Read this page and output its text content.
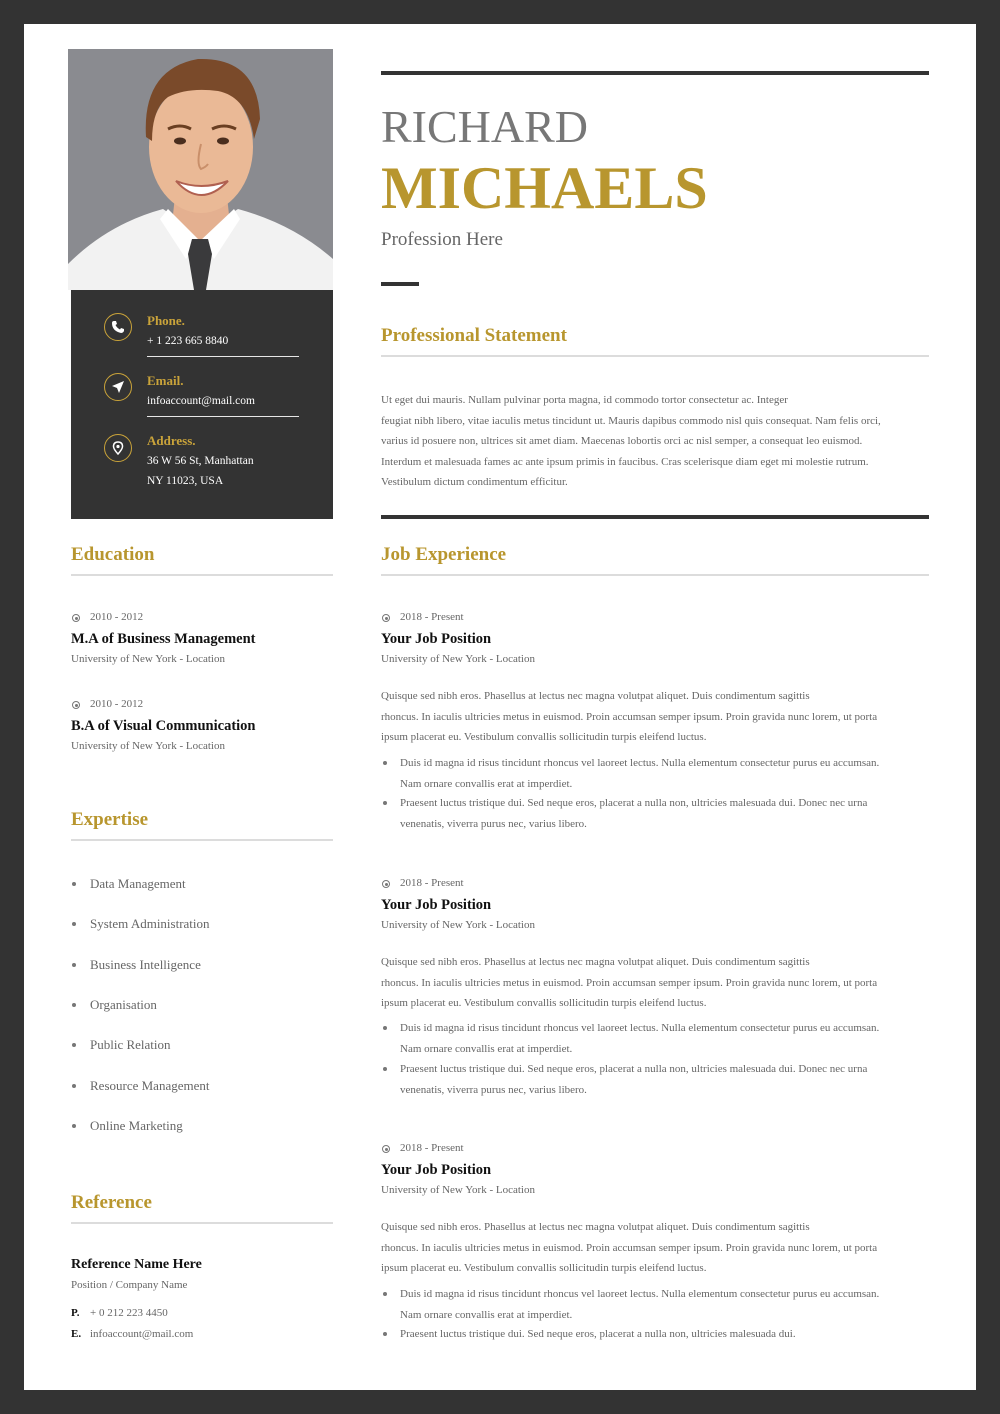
Phone.
+ 1 223 665 8840
Email.
infoaccount@mail.com
Address.
36 W 56 St, Manhattan
NY 11023, USA
RICHARD
MICHAELS
Profession Here
Professional Statement
Ut eget dui mauris. Nullam pulvinar porta magna, id commodo tortor consectetur ac. Integer
feugiat nibh libero, vitae iaculis metus tincidunt ut. Mauris dapibus commodo nisl quis consequat. Nam felis orci,
varius id posuere non, ultrices sit amet diam. Maecenas lobortis orci ac nisl semper, a consequat leo euismod.
Interdum et malesuada fames ac ante ipsum primis in faucibus. Cras scelerisque diam eget mi molestie rutrum.
Vestibulum dictum condimentum efficitur.
Education
2010 - 2012
M.A of Business Management
University of New York - Location
2010 - 2012
B.A of Visual Communication
University of New York - Location
Expertise
Data Management
System Administration
Business Intelligence
Organisation
Public Relation
Resource Management
Online Marketing
Reference
Reference Name Here
Position / Company Name
P. + 0 212 223 4450
E. infoaccount@mail.com
Job Experience
2018 - Present
Your Job Position
University of New York - Location
Quisque sed nibh eros. Phasellus at lectus nec magna volutpat aliquet. Duis condimentum sagittis
rhoncus. In iaculis ultricies metus in euismod. Proin accumsan semper ipsum. Proin gravida nunc lorem, ut porta
ipsum placerat eu. Vestibulum convallis sollicitudin turpis eleifend luctus.
Duis id magna id risus tincidunt rhoncus vel laoreet lectus. Nulla elementum consectetur purus eu accumsan.
Nam ornare convallis erat at imperdiet.
Praesent luctus tristique dui. Sed neque eros, placerat a nulla non, ultricies malesuada dui. Donec nec urna
venenatis, viverra purus nec, varius libero.
2018 - Present
Your Job Position
University of New York - Location
Quisque sed nibh eros. Phasellus at lectus nec magna volutpat aliquet. Duis condimentum sagittis
rhoncus. In iaculis ultricies metus in euismod. Proin accumsan semper ipsum. Proin gravida nunc lorem, ut porta
ipsum placerat eu. Vestibulum convallis sollicitudin turpis eleifend luctus.
Duis id magna id risus tincidunt rhoncus vel laoreet lectus. Nulla elementum consectetur purus eu accumsan.
Nam ornare convallis erat at imperdiet.
Praesent luctus tristique dui. Sed neque eros, placerat a nulla non, ultricies malesuada dui. Donec nec urna
venenatis, viverra purus nec, varius libero.
2018 - Present
Your Job Position
University of New York - Location
Quisque sed nibh eros. Phasellus at lectus nec magna volutpat aliquet. Duis condimentum sagittis
rhoncus. In iaculis ultricies metus in euismod. Proin accumsan semper ipsum. Proin gravida nunc lorem, ut porta
ipsum placerat eu. Vestibulum convallis sollicitudin turpis eleifend luctus.
Duis id magna id risus tincidunt rhoncus vel laoreet lectus. Nulla elementum consectetur purus eu accumsan.
Nam ornare convallis erat at imperdiet.
Praesent luctus tristique dui. Sed neque eros, placerat a nulla non, ultricies malesuada dui.
